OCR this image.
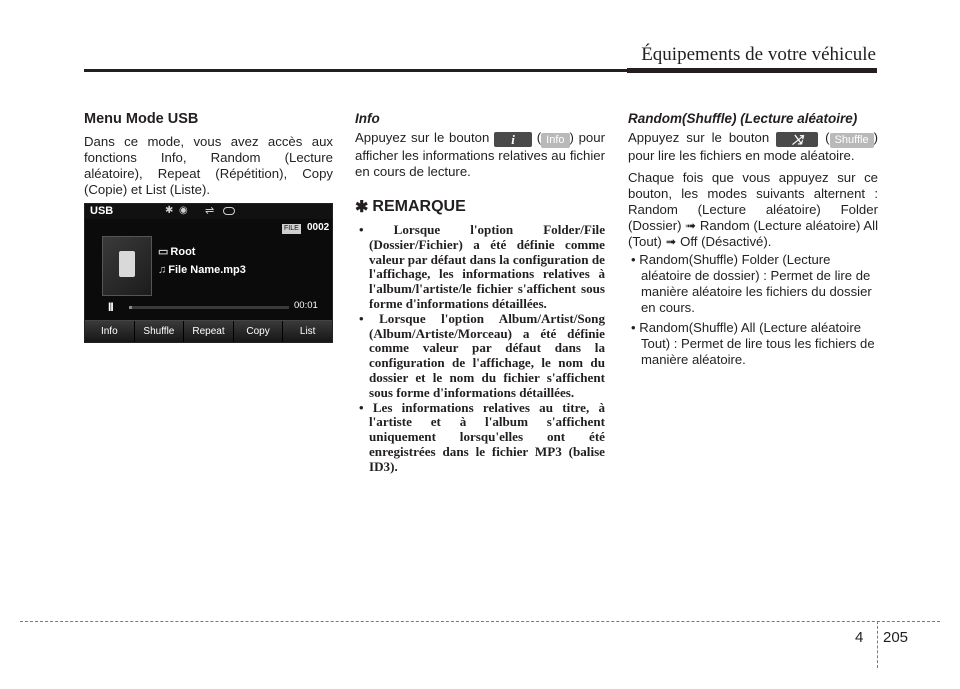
Équipements de votre véhicule
Menu Mode USB

Dans ce mode, vous avez accès aux fonctions Info, Random (Lecture aléatoire), Repeat (Répétition), Copy (Copie) et List (Liste).

USB	✱ ◉ ⇌
FILE 0002
▭ Root
♫ File Name.mp3
II	00:01
Info	Shuffle	Repeat	Copy	List
Info

Appuyez sur le bouton i ( Info ) pour afficher les informations relatives au fichier en cours de lecture.

✱ REMARQUE
• Lorsque l'option Folder/File (Dossier/Fichier) a été définie comme valeur par défaut dans la configuration de l'affichage, les informations relatives à l'album/l'artiste/le fichier s'affichent sous forme d'informations détaillées.
• Lorsque l'option Album/Artist/Song (Album/Artiste/Morceau) a été définie comme valeur par défaut dans la configuration de l'affichage, le nom du dossier et le nom du fichier s'affichent sous forme d'informations détaillées.
• Les informations relatives au titre, à l'artiste et à l'album s'affichent uniquement lorsqu'elles ont été enregistrées dans le fichier MP3 (balise ID3).
Random(Shuffle) (Lecture aléatoire)

Appuyez sur le bouton ⤨ ( Shuffle ) pour lire les fichiers en mode aléatoire.

Chaque fois que vous appuyez sur ce bouton, les modes suivants alternent : Random (Lecture aléatoire) Folder (Dossier) ➟ Random (Lecture aléatoire) All (Tout) ➟ Off (Désactivé).

• Random(Shuffle) Folder (Lecture aléatoire de dossier) : Permet de lire de manière aléatoire les fichiers du dossier en cours.
• Random(Shuffle) All (Lecture aléatoire Tout) : Permet de lire tous les fichiers de manière aléatoire.
4 205
